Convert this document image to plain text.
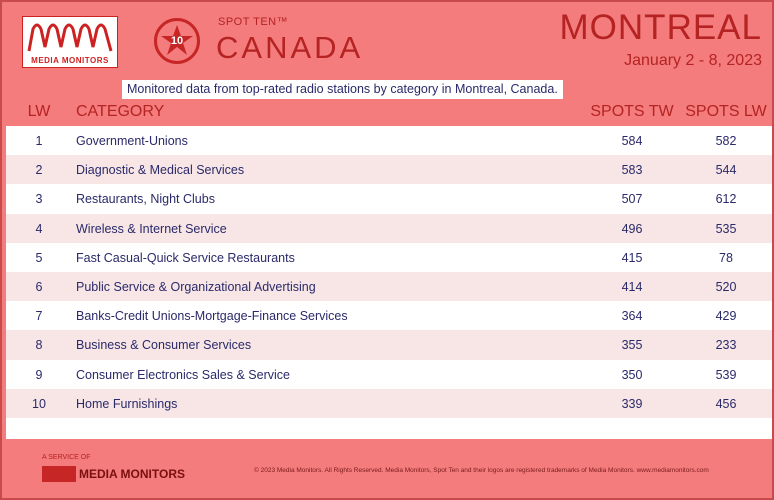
MEDIA MONITORS
10
SPOT TEN™
CANADA
MONTREAL
January 2 - 8, 2023
Monitored data from top-rated radio stations by category in Montreal, Canada.
LW	CATEGORY	SPOTS TW SPOTS LW
1	Government-Unions	584	582
2	Diagnostic & Medical Services	583	544
3	Restaurants, Night Clubs	507	612
4	Wireless & Internet Service	496	535
5	Fast Casual-Quick Service Restaurants	415	78
6	Public Service & Organizational Advertising	414	520
7	Banks-Credit Unions-Mortgage-Finance Services	364	429
8	Business & Consumer Services	355	233
9	Consumer Electronics Sales & Service	350	539
10	Home Furnishings	339	456
A SERVICE OF
MEDIA MONITORS	© 2023 Media Monitors. All Rights Reserved. Media Monitors, Spot Ten and their logos are registered trademarks of Media Monitors. www.mediamonitors.com
